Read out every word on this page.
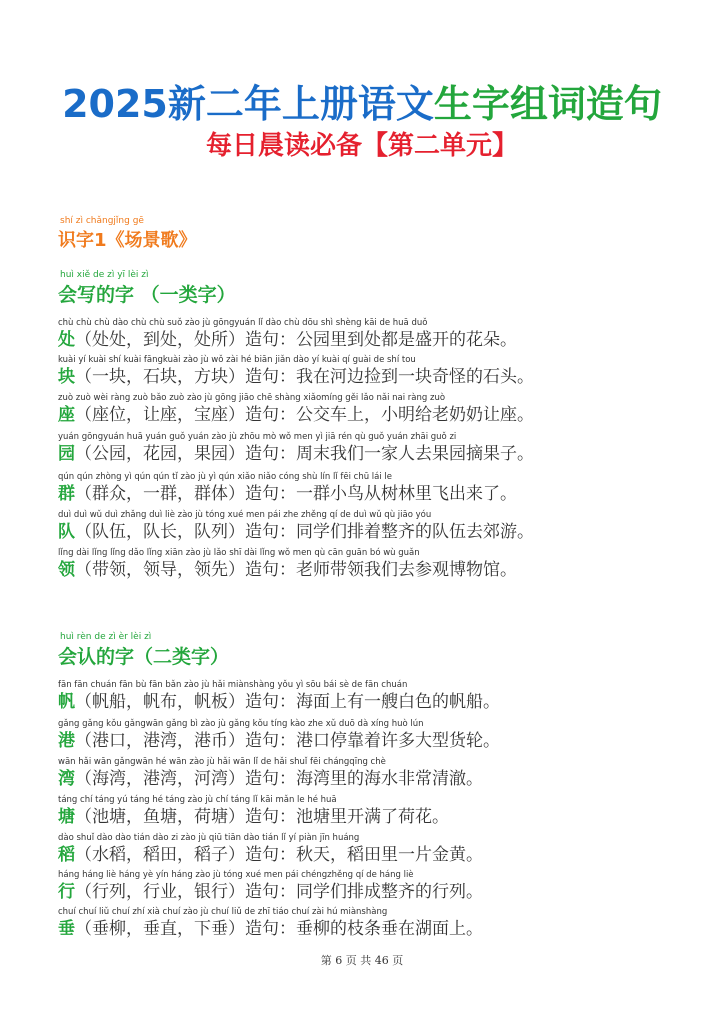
2025新二年上册语文生字组词造句
每日晨读必备【第二单元】
shí zì chǎngjǐng gē
识字1《场景歌》
huì xiě de zì yī lèi zì
会写的字 （一类字）
chù chù chù dào chù chù suǒ zào jù gōngyuán lǐ dào chù dōu shì shèng kāi de huā duǒ
处（处处，到处，处所）造句：公园里到处都是盛开的花朵。
kuài yí kuài shí kuài fāngkuài zào jù wǒ zài hé biān jiǎn dào yí kuài qí guài de shí tou
块（一块，石块，方块）造句：我在河边捡到一块奇怪的石头。
zuò zuò wèi ràng zuò bǎo zuò zào jù gōng jiāo chē shàng xiǎomíng gěi lǎo nǎi nai ràng zuò
座（座位，让座，宝座）造句：公交车上，小明给老奶奶让座。
yuán gōngyuán huā yuán guǒ yuán zào jù zhōu mò wǒ men yì jiā rén qù guǒ yuán zhāi guǒ zi
园（公园，花园，果园）造句：周末我们一家人去果园摘果子。
qún qún zhòng yì qún qún tǐ zào jù yì qún xiǎo niǎo cóng shù lín lǐ fēi chū lái le
群（群众，一群，群体）造句：一群小鸟从树林里飞出来了。
duì duì wǔ duì zhǎng duì liè zào jù tóng xué men pái zhe zhěng qí de duì wǔ qù jiāo yóu
队（队伍，队长，队列）造句：同学们排着整齐的队伍去郊游。
lǐng dài lǐng lǐng dǎo lǐng xiān zào jù lǎo shī dài lǐng wǒ men qù cān guān bó wù guǎn
领（带领，领导，领先）造句：老师带领我们去参观博物馆。
huì rèn de zì èr lèi zì
会认的字（二类字）
fān fān chuán fān bù fān bǎn zào jù hǎi miànshàng yǒu yì sōu bái sè de fān chuán
帆（帆船，帆布，帆板）造句：海面上有一艘白色的帆船。
gǎng gǎng kǒu gǎngwān gǎng bì zào jù gǎng kǒu tíng kào zhe xǔ duō dà xíng huò lún
港（港口，港湾，港币）造句：港口停靠着许多大型货轮。
wān hǎi wān gǎngwān hé wān zào jù hǎi wān lǐ de hǎi shuǐ fēi chángqīng chè
湾（海湾，港湾，河湾）造句：海湾里的海水非常清澈。
táng chí táng yú táng hé táng zào jù chí táng lǐ kāi mǎn le hé huā
塘（池塘，鱼塘，荷塘）造句：池塘里开满了荷花。
dào shuǐ dào dào tián dào zi zào jù qiū tiān dào tián lǐ yí piàn jīn huáng
稻（水稻，稻田，稻子）造句：秋天，稻田里一片金黄。
háng háng liè háng yè yín háng zào jù tóng xué men pái chéngzhěng qí de háng liè
行（行列，行业，银行）造句：同学们排成整齐的行列。
chuí chuí liǔ chuí zhí xià chuí zào jù chuí liǔ de zhī tiáo chuí zài hú miànshàng
垂（垂柳，垂直，下垂）造句：垂柳的枝条垂在湖面上。
第 6 页 共 46 页
